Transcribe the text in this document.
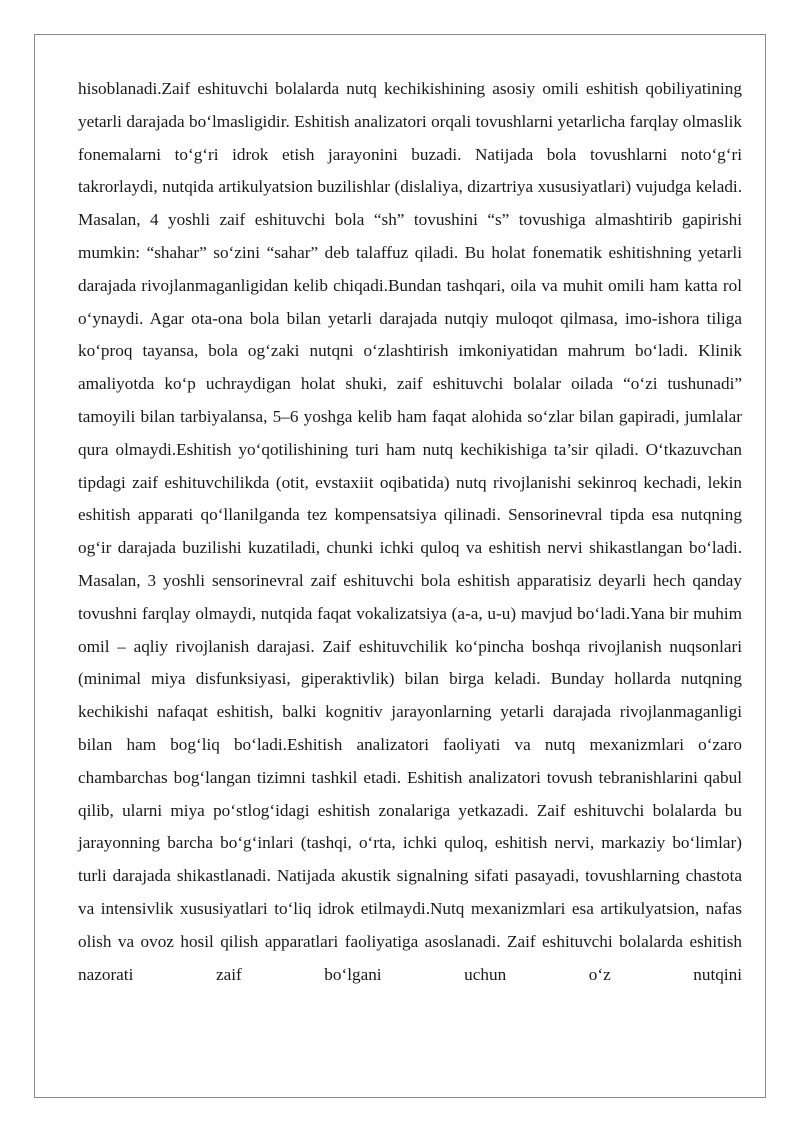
hisoblanadi.Zaif eshituvchi bolalarda nutq kechikishining asosiy omili eshitish qobiliyatining yetarli darajada bo‘lmasligidir. Eshitish analizatori orqali tovushlarni yetarlicha farqlay olmaslik fonemalarni to‘g‘ri idrok etish jarayonini buzadi. Natijada bola tovushlarni noto‘g‘ri takrorlaydi, nutqida artikulyatsion buzilishlar (dislaliya, dizartriya xususiyatlari) vujudga keladi. Masalan, 4 yoshli zaif eshituvchi bola “sh” tovushini “s” tovushiga almashtirib gapirishi mumkin: “shahar” so‘zini “sahar” deb talaffuz qiladi. Bu holat fonematik eshitishning yetarli darajada rivojlanmaganligidan kelib chiqadi.Bundan tashqari, oila va muhit omili ham katta rol o‘ynaydi. Agar ota-ona bola bilan yetarli darajada nutqiy muloqot qilmasa, imo-ishora tiliga ko‘proq tayansa, bola og‘zaki nutqni o‘zlashtirish imkoniyatidan mahrum bo‘ladi. Klinik amaliyotda ko‘p uchraydigan holat shuki, zaif eshituvchi bolalar oilada “o‘zi tushunadi” tamoyili bilan tarbiyalansa, 5–6 yoshga kelib ham faqat alohida so‘zlar bilan gapiradi, jumlalar qura olmaydi.Eshitish yo‘qotilishining turi ham nutq kechikishiga ta’sir qiladi. O‘tkazuvchan tipdagi zaif eshituvchilikda (otit, evstaxiit oqibatida) nutq rivojlanishi sekinroq kechadi, lekin eshitish apparati qo‘llanilganda tez kompensatsiya qilinadi. Sensorinevral tipda esa nutqning og‘ir darajada buzilishi kuzatiladi, chunki ichki quloq va eshitish nervi shikastlangan bo‘ladi. Masalan, 3 yoshli sensorinevral zaif eshituvchi bola eshitish apparatisiz deyarli hech qanday tovushni farqlay olmaydi, nutqida faqat vokalizatsiya (a-a, u-u) mavjud bo‘ladi.Yana bir muhim omil – aqliy rivojlanish darajasi. Zaif eshituvchilik ko‘pincha boshqa rivojlanish nuqsonlari (minimal miya disfunksiyasi, giperaktivlik) bilan birga keladi. Bunday hollarda nutqning kechikishi nafaqat eshitish, balki kognitiv jarayonlarning yetarli darajada rivojlanmaganligi bilan ham bog‘liq bo‘ladi.Eshitish analizatori faoliyati va nutq mexanizmlari o‘zaro chambarchas bog‘langan tizimni tashkil etadi. Eshitish analizatori tovush tebranishlarini qabul qilib, ularni miya po‘stlog‘idagi eshitish zonalariga yetkazadi. Zaif eshituvchi bolalarda bu jarayonning barcha bo‘g‘inlari (tashqi, o‘rta, ichki quloq, eshitish nervi, markaziy bo‘limlar) turli darajada shikastlanadi. Natijada akustik signalning sifati pasayadi, tovushlarning chastota va intensivlik xususiyatlari to‘liq idrok etilmaydi.Nutq mexanizmlari esa artikulyatsion, nafas olish va ovoz hosil qilish apparatlari faoliyatiga asoslanadi. Zaif eshituvchi bolalarda eshitish nazorati zaif bo‘lgani uchun o‘z nutqini
